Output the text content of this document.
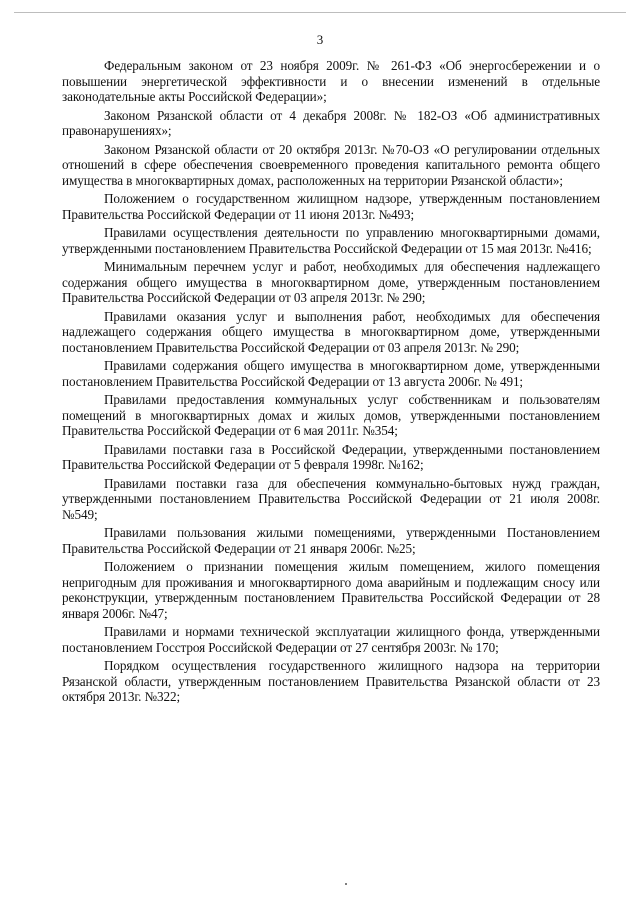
3

Федеральным законом от 23 ноября 2009г. № 261-ФЗ «Об энергосбережении и о повышении энергетической эффективности и о внесении изменений в отдельные законодательные акты Российской Федерации»;

Законом Рязанской области от 4 декабря 2008г. № 182-ОЗ «Об административных правонарушениях»;

Законом Рязанской области от 20 октября 2013г. №70-ОЗ «О регулировании отдельных отношений в сфере обеспечения своевременного проведения капитального ремонта общего имущества в многоквартирных домах, расположенных на территории Рязанской области»;

Положением о государственном жилищном надзоре, утвержденным постановлением Правительства Российской Федерации от 11 июня 2013г. №493;

Правилами осуществления деятельности по управлению многоквартирными домами, утвержденными постановлением Правительства Российской Федерации от 15 мая 2013г. №416;

Минимальным перечнем услуг и работ, необходимых для обеспечения надлежащего содержания общего имущества в многоквартирном доме, утвержденным постановлением Правительства Российской Федерации от 03 апреля 2013г. № 290;

Правилами оказания услуг и выполнения работ, необходимых для обеспечения надлежащего содержания общего имущества в многоквартирном доме, утвержденными постановлением Правительства Российской Федерации от 03 апреля 2013г. № 290;

Правилами содержания общего имущества в многоквартирном доме, утвержденными постановлением Правительства Российской Федерации от 13 августа 2006г. № 491;

Правилами предоставления коммунальных услуг собственникам и пользователям помещений в многоквартирных домах и жилых домов, утвержденными постановлением Правительства Российской Федерации от 6 мая 2011г. №354;

Правилами поставки газа в Российской Федерации, утвержденными постановлением Правительства Российской Федерации от 5 февраля 1998г. №162;

Правилами поставки газа для обеспечения коммунально-бытовых нужд граждан, утвержденными постановлением Правительства Российской Федерации от 21 июля 2008г. №549;

Правилами пользования жилыми помещениями, утвержденными Постановлением Правительства Российской Федерации от 21 января 2006г. №25;

Положением о признании помещения жилым помещением, жилого помещения непригодным для проживания и многоквартирного дома аварийным и подлежащим сносу или реконструкции, утвержденным постановлением Правительства Российской Федерации от 28 января 2006г. №47;

Правилами и нормами технической эксплуатации жилищного фонда, утвержденными постановлением Госстроя Российской Федерации от 27 сентября 2003г. № 170;

Порядком осуществления государственного жилищного надзора на территории Рязанской области, утвержденным постановлением Правительства Рязанской области от 23 октября 2013г. №322;
